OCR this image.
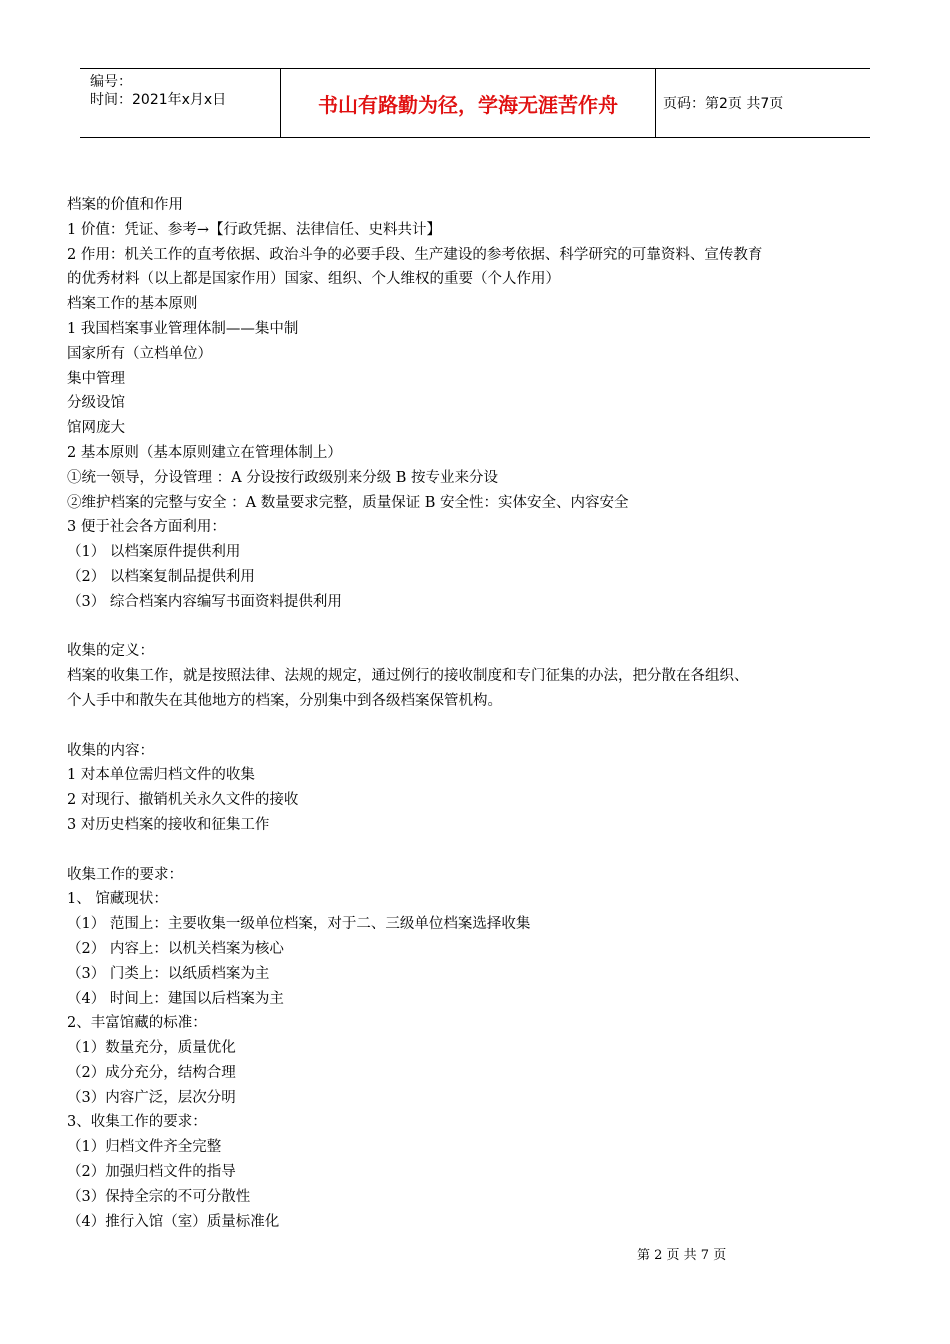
编号：
时间：2021年x月x日	书山有路勤为径，学海无涯苦作舟	页码：第2页 共7页
档案的价值和作用
1 价值：凭证、参考→【行政凭据、法律信任、史料共计】
2 作用：机关工作的直考依据、政治斗争的必要手段、生产建设的参考依据、科学研究的可靠资料、宣传教育
的优秀材料（以上都是国家作用）国家、组织、个人维权的重要（个人作用）
档案工作的基本原则
1 我国档案事业管理体制——集中制
国家所有（立档单位）
集中管理
分级设馆
馆网庞大
2 基本原则（基本原则建立在管理体制上）
①统一领导，分设管理 ：A 分设按行政级别来分级 B 按专业来分设
②维护档案的完整与安全 ：A 数量要求完整，质量保证 B 安全性：实体安全、内容安全
3 便于社会各方面利用：
（1） 以档案原件提供利用
（2） 以档案复制品提供利用
（3） 综合档案内容编写书面资料提供利用
收集的定义：
档案的收集工作，就是按照法律、法规的规定，通过例行的接收制度和专门征集的办法，把分散在各组织、
个人手中和散失在其他地方的档案，分别集中到各级档案保管机构。
收集的内容：
1 对本单位需归档文件的收集
2 对现行、撤销机关永久文件的接收
3 对历史档案的接收和征集工作
收集工作的要求：
1、 馆藏现状：
（1） 范围上：主要收集一级单位档案，对于二、三级单位档案选择收集
（2） 内容上：以机关档案为核心
（3） 门类上：以纸质档案为主
（4） 时间上：建国以后档案为主
2、丰富馆藏的标准：
（1）数量充分，质量优化
（2）成分充分，结构合理
（3）内容广泛，层次分明
3、收集工作的要求：
（1）归档文件齐全完整
（2）加强归档文件的指导
（3）保持全宗的不可分散性
（4）推行入馆（室）质量标准化
第 2 页 共 7 页
